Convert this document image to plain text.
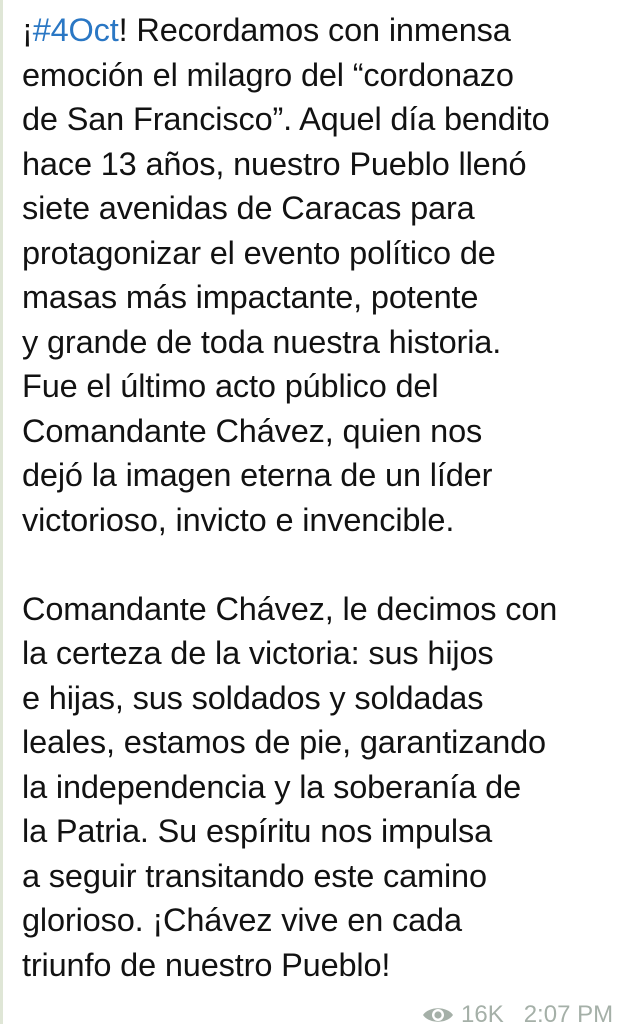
¡#4Oct! Recordamos con inmensa
emoción el milagro del “cordonazo
de San Francisco”. Aquel día bendito
hace 13 años, nuestro Pueblo llenó
siete avenidas de Caracas para
protagonizar el evento político de
masas más impactante, potente
y grande de toda nuestra historia.
Fue el último acto público del
Comandante Chávez, quien nos
dejó la imagen eterna de un líder
victorioso, invicto e invencible.
Comandante Chávez, le decimos con
la certeza de la victoria: sus hijos
e hijas, sus soldados y soldadas
leales, estamos de pie, garantizando
la independencia y la soberanía de
la Patria. Su espíritu nos impulsa
a seguir transitando este camino
glorioso. ¡Chávez vive en cada
triunfo de nuestro Pueblo!
16K 2:07 PM
